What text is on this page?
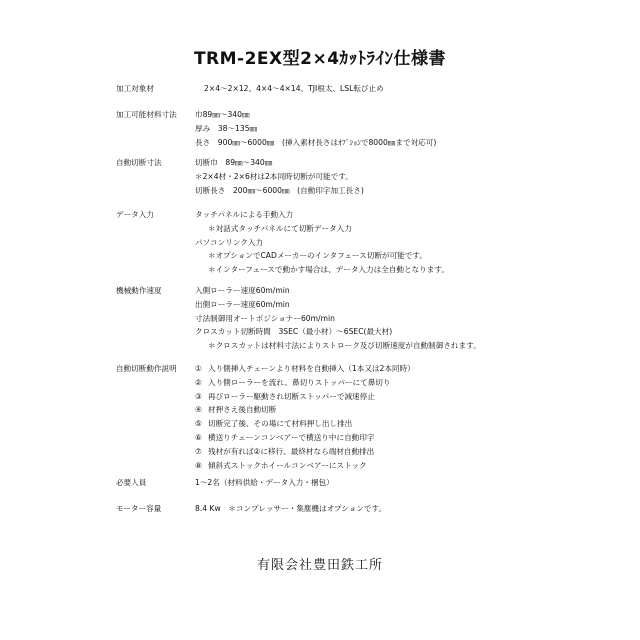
TRM-2EX型2×4ｶｯﾄﾗｲﾝ仕様書
加工対象材	2×4～2×12、4×4～4×14、TJI根太、LSL転び止め
加工可能材料寸法	巾89㎜～340㎜
厚み　38～135㎜
長さ　900㎜～6000㎜　(挿入素材長さはｵﾌﾟｼｮﾝで8000㎜まで対応可)
自動切断寸法	切断巾　89㎜～340㎜
＊2×4材・2×6材は2本同時切断が可能です。
切断長さ　200㎜～6000㎜　(自動印字加工長さ)
データ入力	タッチパネルによる手動入力
＊対話式タッチパネルにて切断データ入力
パソコンリンク入力
＊オプションでCADメーカーのインタフェース切断が可能です。
＊インターフェースで動かす場合は、データ入力は全自動となります。
機械動作速度	入側ローラー速度60m/min
出側ローラー速度60m/min
寸法制御用オートポジショナー60m/min
クロスカット切断時間　3SEC（最小材）～6SEC(最大材)
＊クロスカットは材料寸法によりストローク及び切断速度が自動制御されます。
自動切断動作説明	① 入り側挿入チェーンより材料を自動挿入（1本又は2本同時）
② 入り側ローラーを流れ、鼻切りストッパーにて鼻切り
③ 再びローラー駆動され切断ストッパーで減速停止
④ 材押さえ後自動切断
⑤ 切断完了後、その場にて材料押し出し排出
⑥ 横送りチェーンコンベアーで横送り中に自動印字
⑦ 残材が有れば②に移行、最終材なら端材自動排出
⑧ 傾斜式ストックホイールコンベアーにストック
必要人員	1～2名（材料供給・データ入力・梱包）
モーター容量	8.4 Kw　＊コンプレッサー・集塵機はオプションです。
有限会社豊田鉄工所
